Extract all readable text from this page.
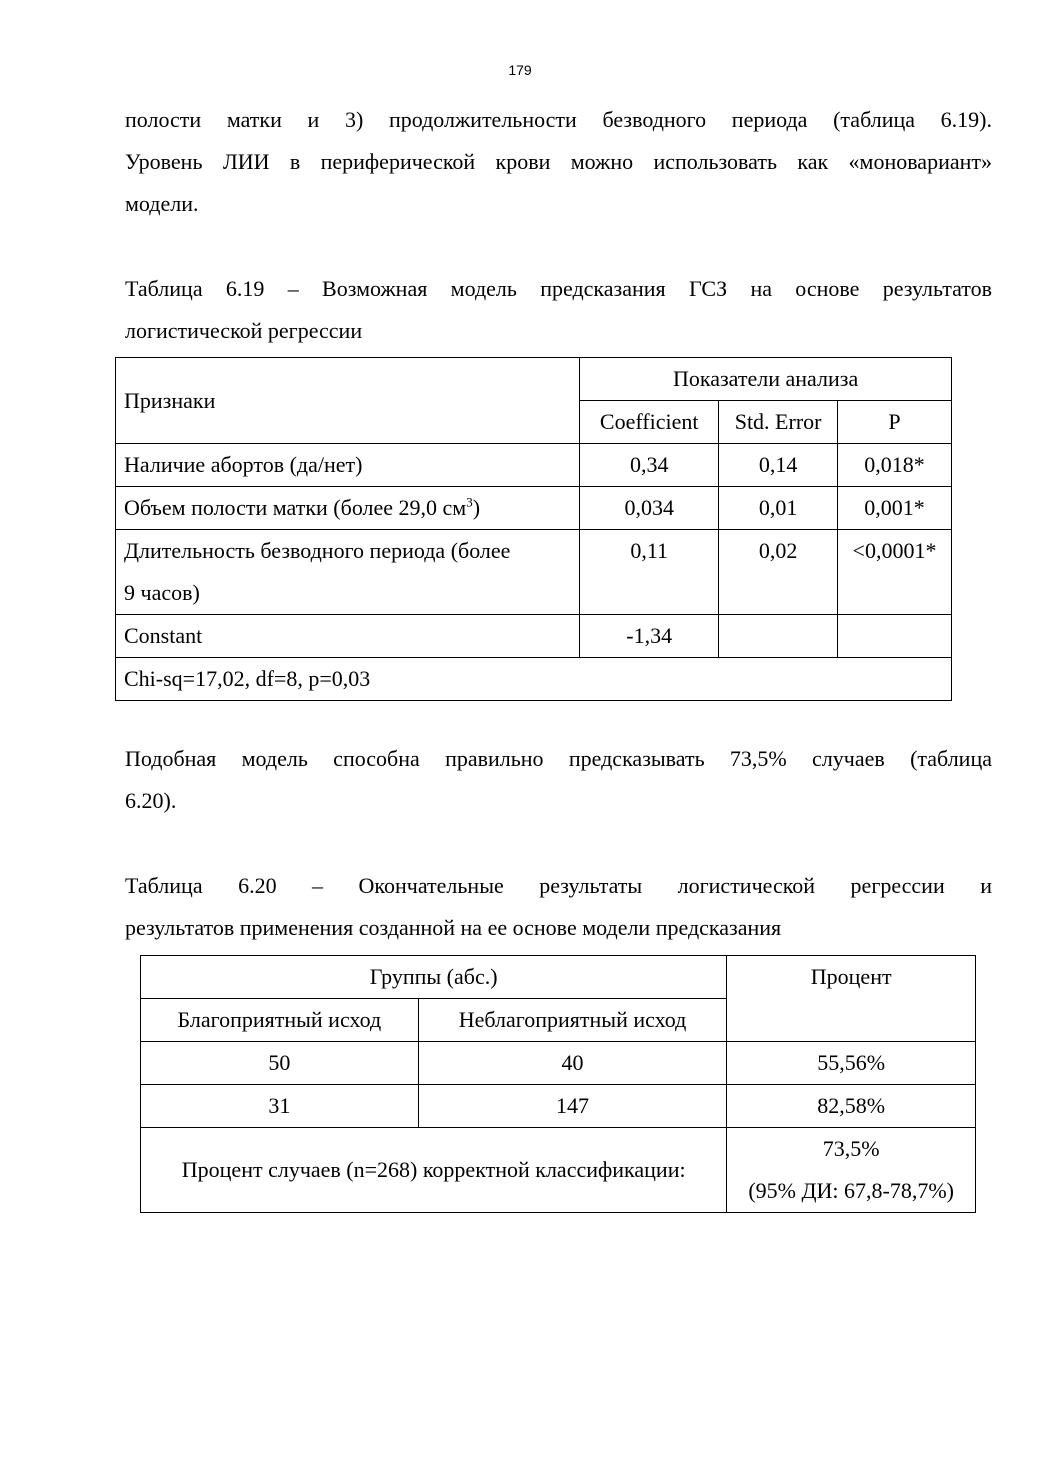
179
полости матки и 3) продолжительности безводного периода (таблица 6.19).
Уровень ЛИИ в периферической крови можно использовать как «моновариант»
модели.
Таблица 6.19 – Возможная модель предсказания ГСЗ на основе результатов
логистической регрессии
Признаки	Показатели анализа		
	Coefficient	Std. Error	P
Наличие абортов (да/нет)	0,34	0,14	0,018*
Объем полости матки (более 29,0 $см^3$)	0,034	0,01	0,001*

Длительность безводного периода (более
9 часов)	0,11	0,02	<0,0001*
Constant	-1,34		
Chi-sq=17,02, df=8, p=0,03			
Подобная модель способна правильно предсказывать 73,5% случаев (таблица
6.20).
Таблица 6.20 – Окончательные результаты логистической регрессии и
результатов применения созданной на ее основе модели предсказания
Группы (абс.)		Процент
Благоприятный исход	Неблагоприятный исход	
50	40	55,56%
31	147	82,58%
Процент случаев (n=268) корректной классификации:		73,5%
(95% ДИ: 67,8-78,7%)
